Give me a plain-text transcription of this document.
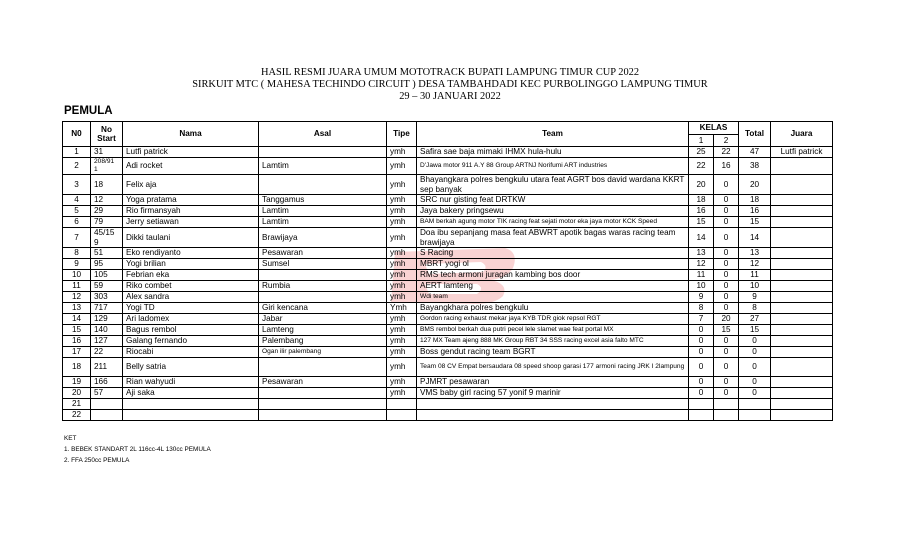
HASIL RESMI JUARA UMUM MOTOTRACK BUPATI LAMPUNG TIMUR CUP 2022
SIRKUIT MTC ( MAHESA TECHINDO CIRCUIT ) DESA TAMBAHDADI KEC PURBOLINGGO LAMPUNG TIMUR
29 – 30 JANUARI 2022
PEMULA
N0	No Start	Nama	Asal	Tipe	Team	KELAS		Total	Juara
						1	2		
1	31	Lutfi patrick		ymh	Safira sae baja mimaki IHMX hula-hulu	25	22	47	Lutfi patrick
2	208/91 1	Adi rocket	Lamtim	ymh	D'Jawa motor 911 A.Y 88 Group ARTNJ Norifumi ART industries	22	16	38	
3	18	Felix aja		ymh	Bhayangkara polres bengkulu utara feat AGRT bos david wardana KKRT sep banyak	20	0	20	
4	12	Yoga pratama	Tanggamus	ymh	SRC nur gisting feat DRTKW	18	0	18	
5	29	Rio firmansyah	Lamtim	ymh	Jaya bakery pringsewu	16	0	16	
6	79	Jerry setiawan	Lamtim	ymh	BAM berkah agung motor TIK racing feat sejati motor eka jaya motor KCK Speed	15	0	15	
7	45/15 9	Dikki taulani	Brawijaya	ymh	Doa ibu sepanjang masa feat ABWRT apotik bagas waras racing team brawijaya	14	0	14	
8	51	Eko rendiyanto	Pesawaran	ymh	S Racing	13	0	13	
9	95	Yogi brilian	Sumsel	ymh	MBRT yogi ol	12	0	12	
10	105	Febrian eka		ymh	RMS tech armoni juragan kambing bos door	11	0	11	
11	59	Riko combet	Rumbia	ymh	AERT lamteng	10	0	10	
12	303	Alex sandra		ymh	Wdi team	9	0	9	
13	717	Yogi TD	Giri kencana	Ymh	Bayangkhara polres bengkulu	8	0	8	
14	129	Ari ladomex	Jabar	ymh	Gordon racing exhaust mekar jaya KYB TDR giok repsol RGT	7	20	27	
15	140	Bagus rembol	Lamteng	ymh	BMS rembol berkah dua putri pecel lele slamet wae feat portal MX	0	15	15	
16	127	Galang fernando	Palembang	ymh	127 MX Team ajeng 888 MK Group RBT 34 SSS racing excel asia falto MTC	0	0	0	
17	22	Riocabi	Ogan ilir palembang	ymh	Boss gendut racing team BGRT	0	0	0	
18	211	Belly satria		ymh	Team 08 CV Empat bersaudara 08 speed shoop garasi 177 armoni racing JRK I 2lampung	0	0	0	
19	166	Rian wahyudi	Pesawaran	ymh	PJMRT pesawaran	0	0	0	
20	57	Aji saka		ymh	VMS baby girl racing 57 yonif 9 marinir	0	0	0	
21									
22									
KET
1. BEBEK STANDART 2L 116cc-4L 130cc PEMULA
2. FFA 250cc PEMULA
